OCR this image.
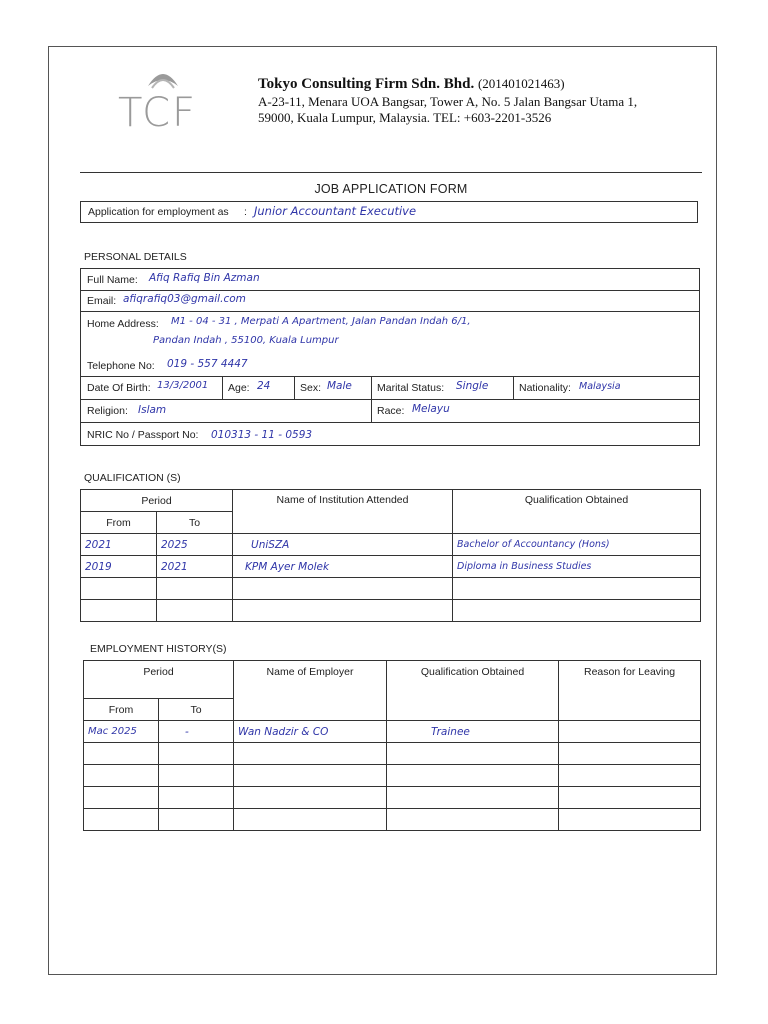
TCF
Tokyo Consulting Firm Sdn. Bhd. (201401021463)
A-23-11, Menara UOA Bangsar, Tower A, No. 5 Jalan Bangsar Utama 1,
59000, Kuala Lumpur, Malaysia. TEL: +603-2201-3526
JOB APPLICATION FORM
Application for employment as : Junior Accountant Executive
PERSONAL DETAILS
Full Name: Afiq Rafiq Bin Azman
Email: afiqrafiq03@gmail.com
Home Address: M1 - 04 - 31 , Merpati A Apartment, Jalan Pandan Indah 6/1,
Pandan Indah , 55100, Kuala Lumpur
Telephone No: 019 - 557 4447
Date Of Birth: 13/3/2001 Age: 24	Sex: Male Marital Status: Single	Nationality: Malaysia
Religion: Islam	Race: Melayu
NRIC No / Passport No: 010313 - 11 - 0593
QUALIFICATION (S)
Period		Name of Institution Attended	Qualification Obtained
From	To		
2021	2025	UniSZA	Bachelor of Accountancy (Hons)
2019	2021	KPM Ayer Molek	Diploma in Business Studies

EMPLOYMENT HISTORY(S)
Period		Name of Employer	Qualification Obtained	Reason for Leaving
From	To			
Mac 2025	-	Wan Nadzir & CO	Trainee	
